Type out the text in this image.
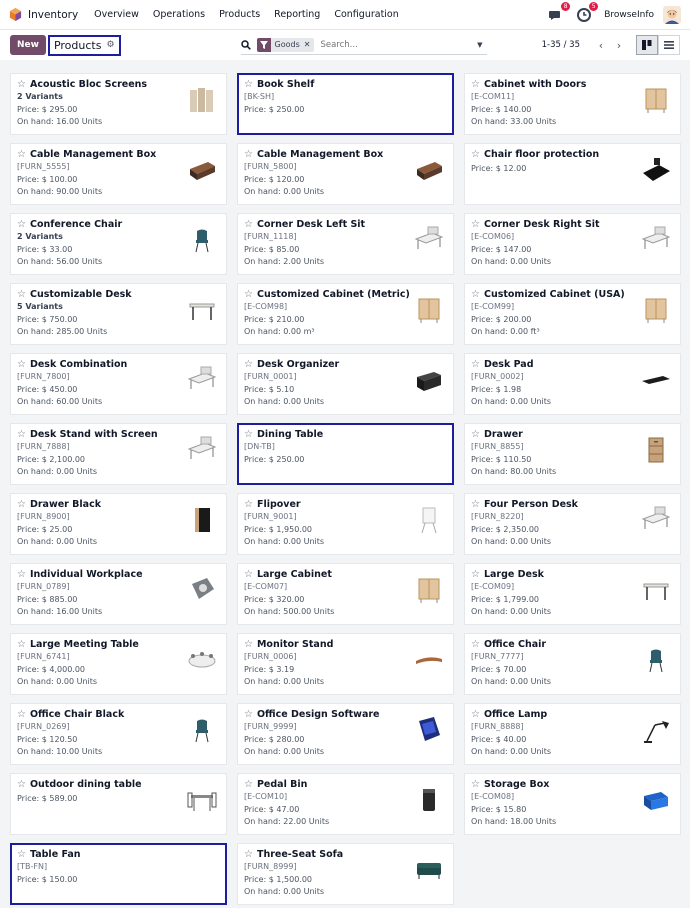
Inventory Overview Operations Products Reporting Configuration
8	5
BrowseInfo
New	Products ⚙	Goods ✕
Search...	▼	1-35 / 35	‹	›
☆ Acoustic Bloc Screens
2 Variants
Price: $ 295.00
On hand: 16.00 Units
☆ Book Shelf
[BK-SH]
Price: $ 250.00
☆ Cabinet with Doors
[E-COM11]
Price: $ 140.00
On hand: 33.00 Units
☆ Cable Management Box
[FURN_5555]
Price: $ 100.00
On hand: 90.00 Units
☆ Cable Management Box
[FURN_5800]
Price: $ 120.00
On hand: 0.00 Units
☆ Chair floor protection
Price: $ 12.00
☆ Conference Chair
2 Variants
Price: $ 33.00
On hand: 56.00 Units
☆ Corner Desk Left Sit
[FURN_1118]
Price: $ 85.00
On hand: 2.00 Units
☆ Corner Desk Right Sit
[E-COM06]
Price: $ 147.00
On hand: 0.00 Units
☆ Customizable Desk
5 Variants
Price: $ 750.00
On hand: 285.00 Units
☆ Customized Cabinet (Metric)
[E-COM98]
Price: $ 210.00
On hand: 0.00 m³
☆ Customized Cabinet (USA)
[E-COM99]
Price: $ 200.00
On hand: 0.00 ft³
☆ Desk Combination
[FURN_7800]
Price: $ 450.00
On hand: 60.00 Units
☆ Desk Organizer
[FURN_0001]
Price: $ 5.10
On hand: 0.00 Units
☆ Desk Pad
[FURN_0002]
Price: $ 1.98
On hand: 0.00 Units
☆ Desk Stand with Screen
[FURN_7888]
Price: $ 2,100.00
On hand: 0.00 Units
☆ Dining Table
[DN-TB]
Price: $ 250.00
☆ Drawer
[FURN_8855]
Price: $ 110.50
On hand: 80.00 Units
☆ Drawer Black
[FURN_8900]
Price: $ 25.00
On hand: 0.00 Units
☆ Flipover
[FURN_9001]
Price: $ 1,950.00
On hand: 0.00 Units
☆ Four Person Desk
[FURN_8220]
Price: $ 2,350.00
On hand: 0.00 Units
☆ Individual Workplace
[FURN_0789]
Price: $ 885.00
On hand: 16.00 Units
☆ Large Cabinet
[E-COM07]
Price: $ 320.00
On hand: 500.00 Units
☆ Large Desk
[E-COM09]
Price: $ 1,799.00
On hand: 0.00 Units
☆ Large Meeting Table
[FURN_6741]
Price: $ 4,000.00
On hand: 0.00 Units
☆ Monitor Stand
[FURN_0006]
Price: $ 3.19
On hand: 0.00 Units
☆ Office Chair
[FURN_7777]
Price: $ 70.00
On hand: 0.00 Units
☆ Office Chair Black
[FURN_0269]
Price: $ 120.50
On hand: 10.00 Units
☆ Office Design Software
[FURN_9999]
Price: $ 280.00
On hand: 0.00 Units
☆ Office Lamp
[FURN_8888]
Price: $ 40.00
On hand: 0.00 Units
☆ Outdoor dining table
Price: $ 589.00
☆ Pedal Bin
[E-COM10]
Price: $ 47.00
On hand: 22.00 Units
☆ Storage Box
[E-COM08]
Price: $ 15.80
On hand: 18.00 Units
☆ Table Fan
[TB-FN]
Price: $ 150.00
☆ Three-Seat Sofa
[FURN_8999]
Price: $ 1,500.00
On hand: 0.00 Units
